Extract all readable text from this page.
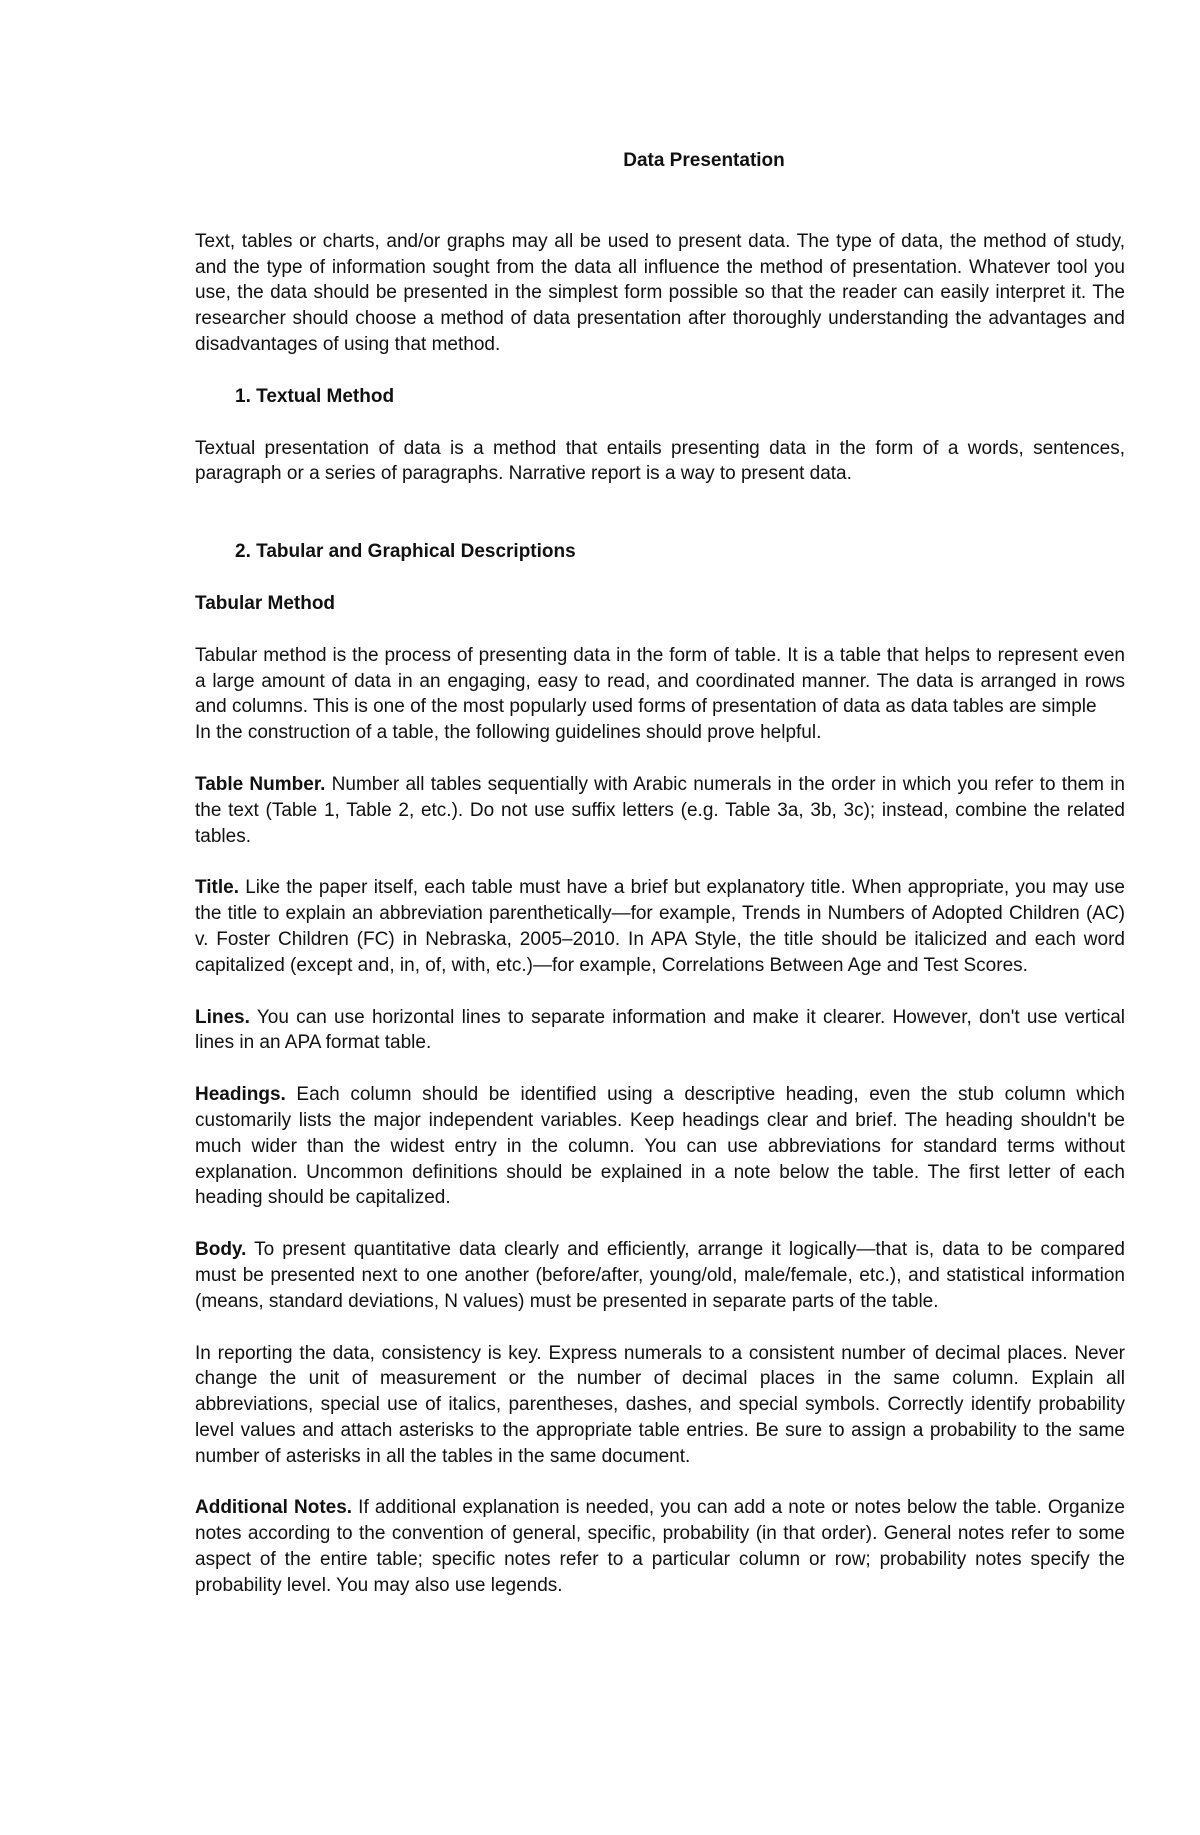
Data Presentation

Text, tables or charts, and/or graphs may all be used to present data. The type of data, the method of study, and the type of information sought from the data all influence the method of presentation. Whatever tool you use, the data should be presented in the simplest form possible so that the reader can easily interpret it. The researcher should choose a method of data presentation after thoroughly understanding the advantages and disadvantages of using that method.

1. Textual Method

Textual presentation of data is a method that entails presenting data in the form of a words, sentences, paragraph or a series of paragraphs. Narrative report is a way to present data.

2. Tabular and Graphical Descriptions
Tabular Method

Tabular method is the process of presenting data in the form of table. It is a table that helps to represent even a large amount of data in an engaging, easy to read, and coordinated manner. The data is arranged in rows and columns. This is one of the most popularly used forms of presentation of data as data tables are simple

In the construction of a table, the following guidelines should prove helpful.

Table Number. Number all tables sequentially with Arabic numerals in the order in which you refer to them in the text (Table 1, Table 2, etc.). Do not use suffix letters (e.g. Table 3a, 3b, 3c); instead, combine the related tables.

Title. Like the paper itself, each table must have a brief but explanatory title. When appropriate, you may use the title to explain an abbreviation parenthetically—for example, Trends in Numbers of Adopted Children (AC) v. Foster Children (FC) in Nebraska, 2005–2010. In APA Style, the title should be italicized and each word capitalized (except and, in, of, with, etc.)—for example, Correlations Between Age and Test Scores.

Lines. You can use horizontal lines to separate information and make it clearer. However, don't use vertical lines in an APA format table.

Headings. Each column should be identified using a descriptive heading, even the stub column which customarily lists the major independent variables. Keep headings clear and brief. The heading shouldn't be much wider than the widest entry in the column. You can use abbreviations for standard terms without explanation. Uncommon definitions should be explained in a note below the table. The first letter of each heading should be capitalized.

Body. To present quantitative data clearly and efficiently, arrange it logically—that is, data to be compared must be presented next to one another (before/after, young/old, male/female, etc.), and statistical information (means, standard deviations, N values) must be presented in separate parts of the table.

In reporting the data, consistency is key. Express numerals to a consistent number of decimal places. Never change the unit of measurement or the number of decimal places in the same column. Explain all abbreviations, special use of italics, parentheses, dashes, and special symbols. Correctly identify probability level values and attach asterisks to the appropriate table entries. Be sure to assign a probability to the same number of asterisks in all the tables in the same document.

Additional Notes. If additional explanation is needed, you can add a note or notes below the table. Organize notes according to the convention of general, specific, probability (in that order). General notes refer to some aspect of the entire table; specific notes refer to a particular column or row; probability notes specify the probability level. You may also use legends.
